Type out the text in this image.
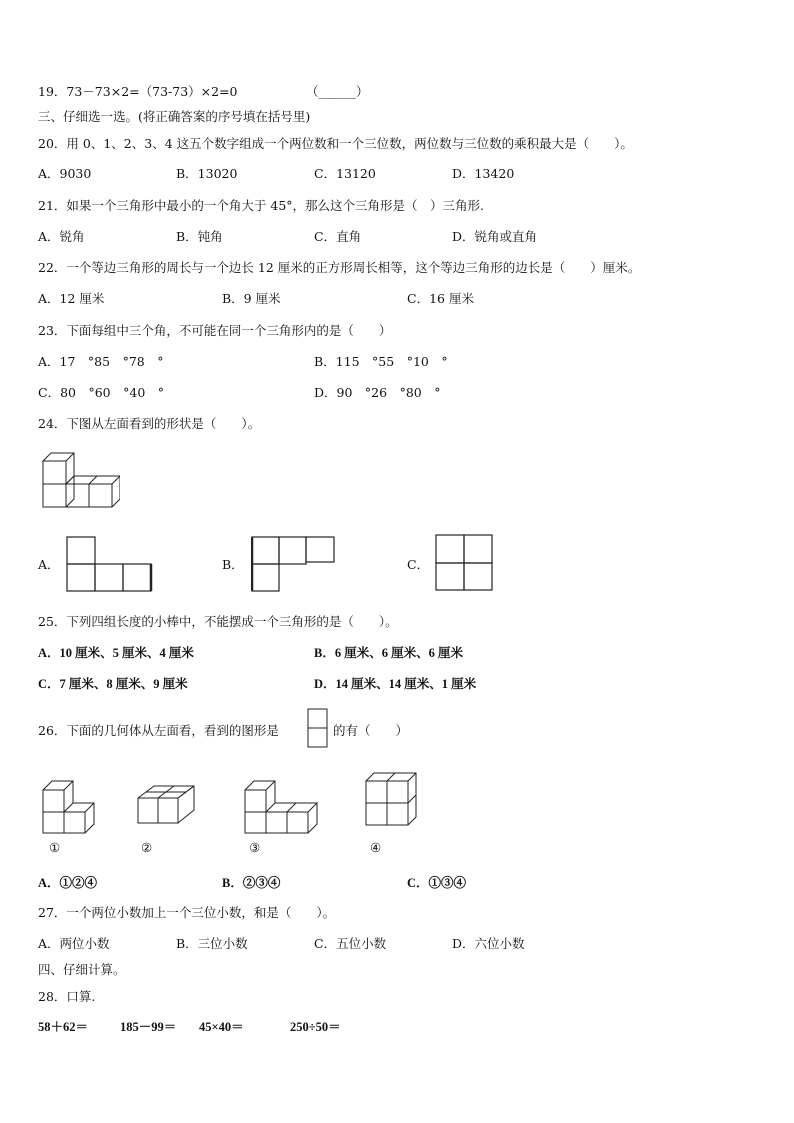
19．73－73×2=（73-73）×2=0	（______）
三、仔细选一选。(将正确答案的序号填在括号里)
20．用 0、1、2、3、4 这五个数字组成一个两位数和一个三位数，两位数与三位数的乘积最大是（　　）。
A．9030	B．13020	C．13120	D．13420
21．如果一个三角形中最小的一个角大于 45°，那么这个三角形是（　）三角形.
A．锐角	B．钝角	C．直角	D．锐角或直角
22．一个等边三角形的周长与一个边长 12 厘米的正方形周长相等，这个等边三角形的边长是（　　）厘米。
A．12 厘米	B．9 厘米	C．16 厘米
23．下面每组中三个角，不可能在同一个三角形内的是（　　）
A．17　°85　°78　°	B．115　°55　°10　°
C．80　°60　°40　°	D．90　°26　°80　°
24．下图从左面看到的形状是（　　）。
A．	B．	C．
25．下列四组长度的小棒中，不能摆成一个三角形的是（　　）。
A．10 厘米、5 厘米、4 厘米	B．6 厘米、6 厘米、6 厘米
C．7 厘米、8 厘米、9 厘米	D．14 厘米、14 厘米、1 厘米
26．下面的几何体从左面看，看到的图形是	的有（　　）
①	②	③	④
A．①②④	B．②③④	C．①③④
27．一个两位小数加上一个三位小数，和是（　　）。
A．两位小数	B．三位小数	C．五位小数	D．六位小数
四、仔细计算。
28．口算.
58＋62＝	185－99＝ 45×40＝	250÷50＝
